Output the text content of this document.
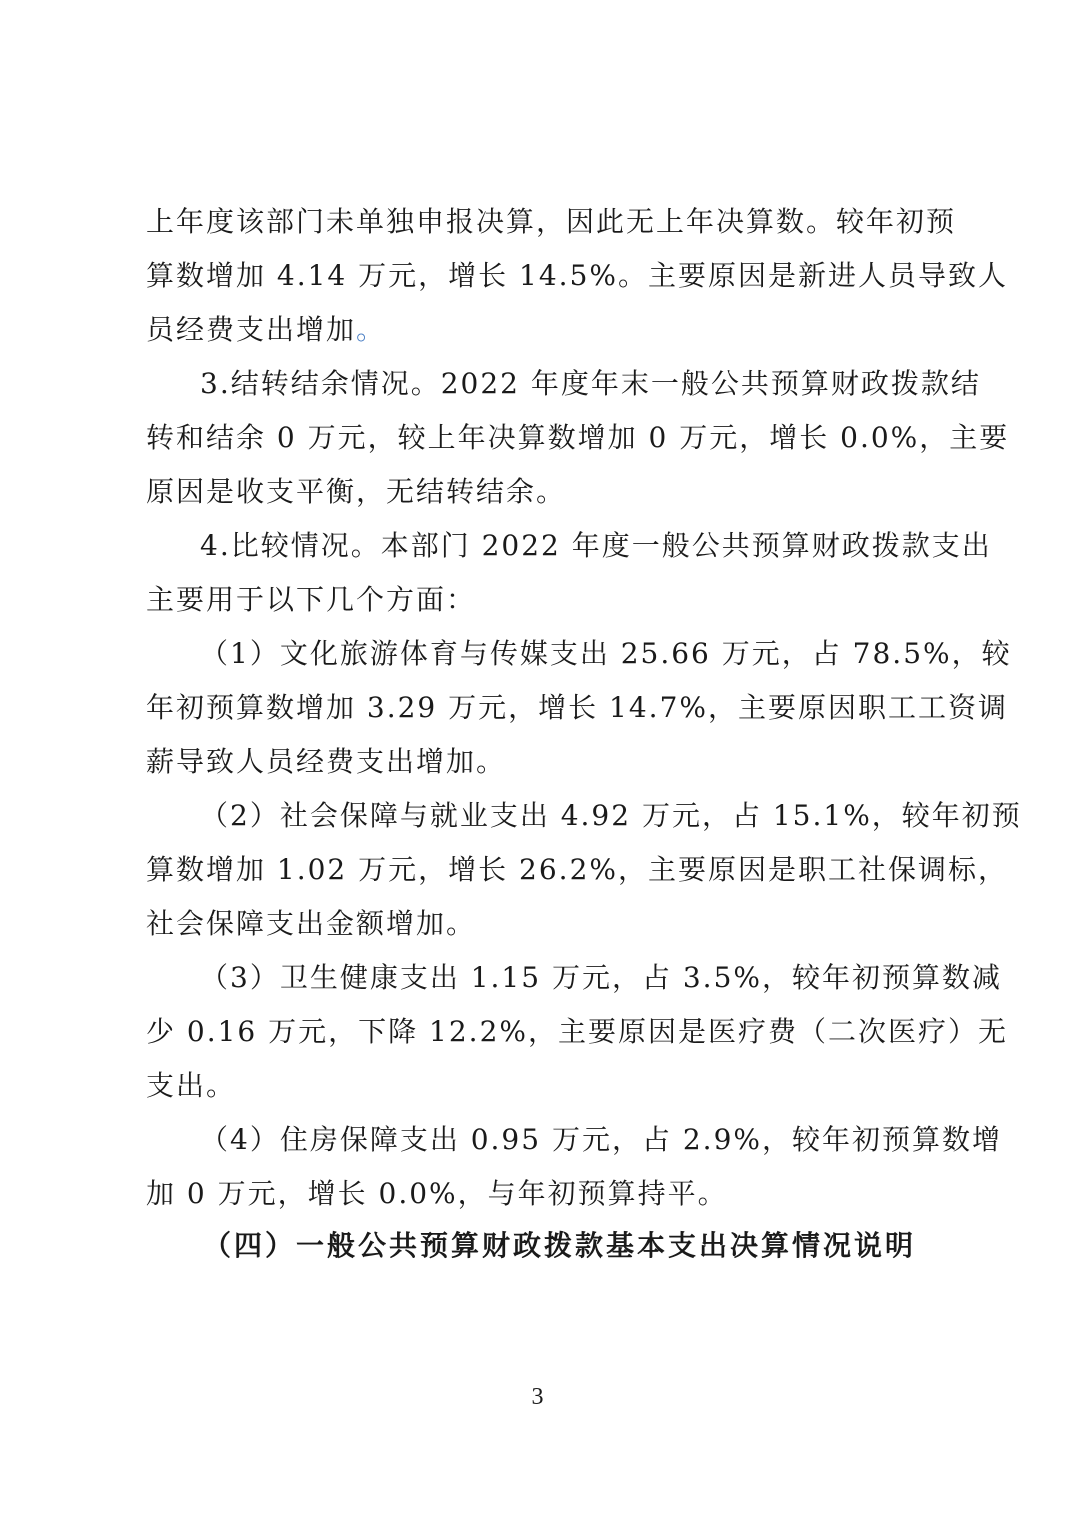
上年度该部门未单独申报决算，因此无上年决算数。较年初预
算数增加 4.14 万元，增长 14.5%。主要原因是新进人员导致人
员经费支出增加。
3.结转结余情况。2022 年度年末一般公共预算财政拨款结
转和结余 0 万元，较上年决算数增加 0 万元，增长 0.0%，主要
原因是收支平衡，无结转结余。
4.比较情况。本部门 2022 年度一般公共预算财政拨款支出
主要用于以下几个方面：
（1）文化旅游体育与传媒支出 25.66 万元，占 78.5%，较
年初预算数增加 3.29 万元，增长 14.7%，主要原因职工工资调
薪导致人员经费支出增加。
（2）社会保障与就业支出 4.92 万元，占 15.1%，较年初预
算数增加 1.02 万元，增长 26.2%，主要原因是职工社保调标，
社会保障支出金额增加。
（3）卫生健康支出 1.15 万元，占 3.5%，较年初预算数减
少 0.16 万元，下降 12.2%，主要原因是医疗费（二次医疗）无
支出。
（4）住房保障支出 0.95 万元，占 2.9%，较年初预算数增
加 0 万元，增长 0.0%，与年初预算持平。
（四）一般公共预算财政拨款基本支出决算情况说明
3
